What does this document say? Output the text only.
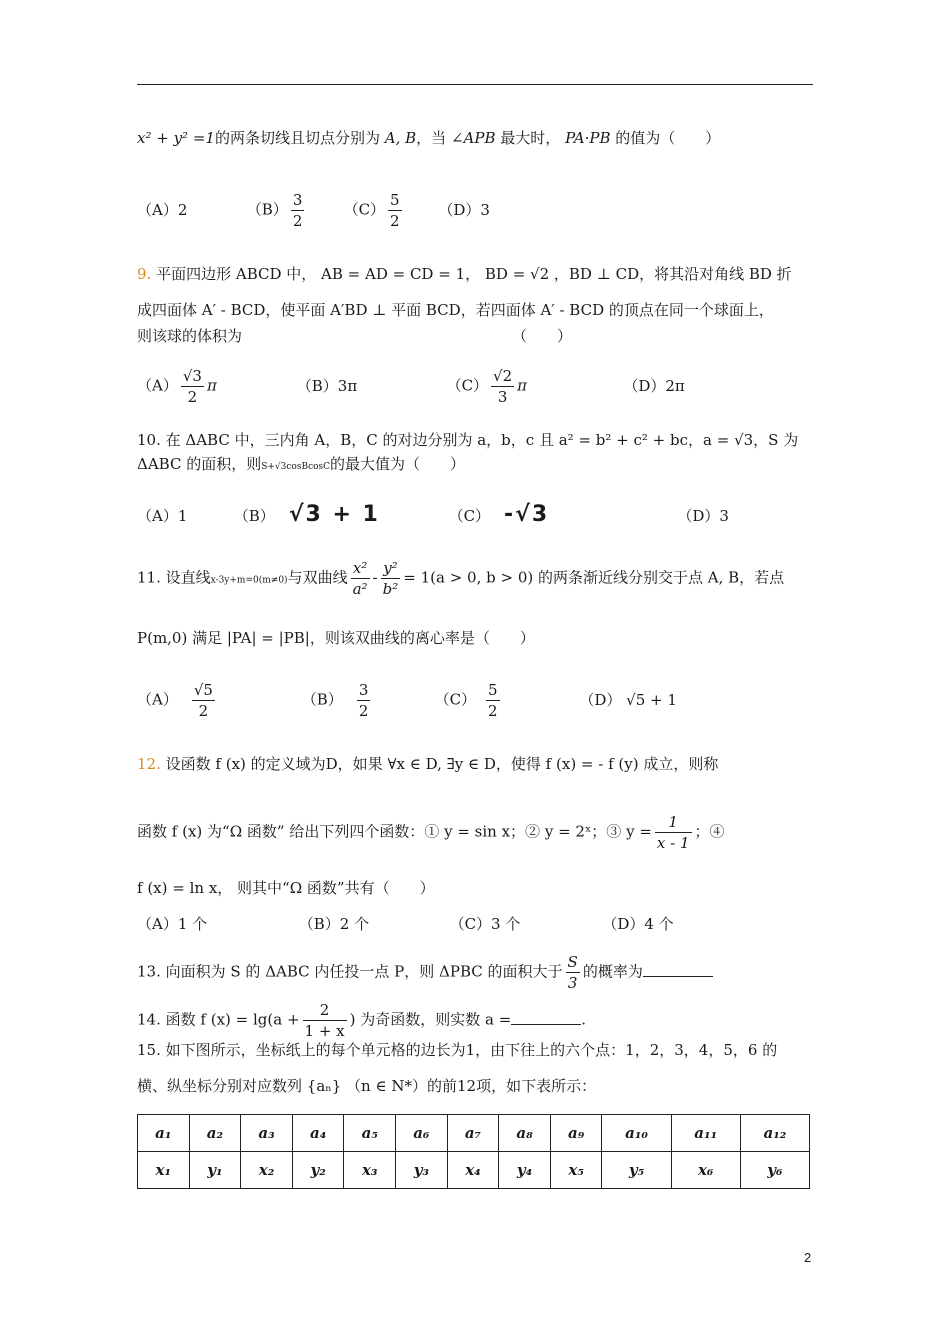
x² + y² =1的两条切线且切点分别为 A, B，当 ∠APB 最大时， PA·PB 的值为（　　）
（A）2	$(B) \frac{3}{2}$	$(C) \frac{5}{2} (D)3$
9. 平面四边形 ABCD 中， AB = AD = CD = 1， BD = √2 ，BD ⊥ CD，将其沿对角线 BD 折
成四面体 A′ - BCD，使平面 A′BD ⊥ 平面 BCD，若四面体 A′ - BCD 的顶点在同一个球面上，
则该球的体积为	（　　）
$(A) \frac{√3}{2}$ π	（B）3π	$(C) \frac{√2}{3}$ π	（D）2π
10. 在 ΔABC 中，三内角 A，B，C 的对边分别为 a，b，c 且 a² = b² + c² + bc，a = √3，S 为
ΔABC 的面积，则S+√3cosBcosC的最大值为（　　）
（A）1	（B） √3 + 1	（C） -√3	（D）3
11. 设直线x-3y+m=0(m≠0)与双曲线 $\frac{\text{x²}}{\text{a²}} - \frac{\text{y²}}{\text{b²}} = 1(a > 0$, b > 0) 的两条渐近线分别交于点 A, B，若点
P(m,0) 满足 |PA| = |PB|，则该双曲线的离心率是（　　）
$(A) \frac{√5}{2}$	$(B) \frac{3}{2}$	$(C) \frac{5}{2}$	（D） √5 + 1
12. 设函数 f (x) 的定义域为D，如果 ∀x ∈ D, ∃y ∈ D，使得 f (x) = - f (y) 成立，则称
函数 f (x) 为“Ω 函数” 给出下列四个函数：① y = sin x；② y = 2ˣ；③ $y = \frac{1}{x - 1}$ ；④
f (x) = ln x， 则其中“Ω 函数”共有（　　）
（A）1 个	（B）2 个	（C）3 个	（D）4 个
13. 向面积为 S 的 ΔABC 内任投一点 P，则 ΔPBC 的面积大于 $\frac{S}{3}$ 的概率为
14. 函数 f $(x) = \lg(a + \frac{2}{1 + x}$ ) 为奇函数，则实数 a =	.
15. 如下图所示，坐标纸上的每个单元格的边长为1，由下往上的六个点：1，2，3，4，5，6 的
横、纵坐标分别对应数列 {aₙ} （n ∈ N*）的前12项，如下表所示：
a₁	a₂	a₃	a₄	a₅	a₆	a₇	a₈	a₉	a₁₀	a₁₁	a₁₂
x₁	y₁	x₂	y₂	x₃	y₃	x₄	y₄	x₅	y₅	x₆	y₆
2
